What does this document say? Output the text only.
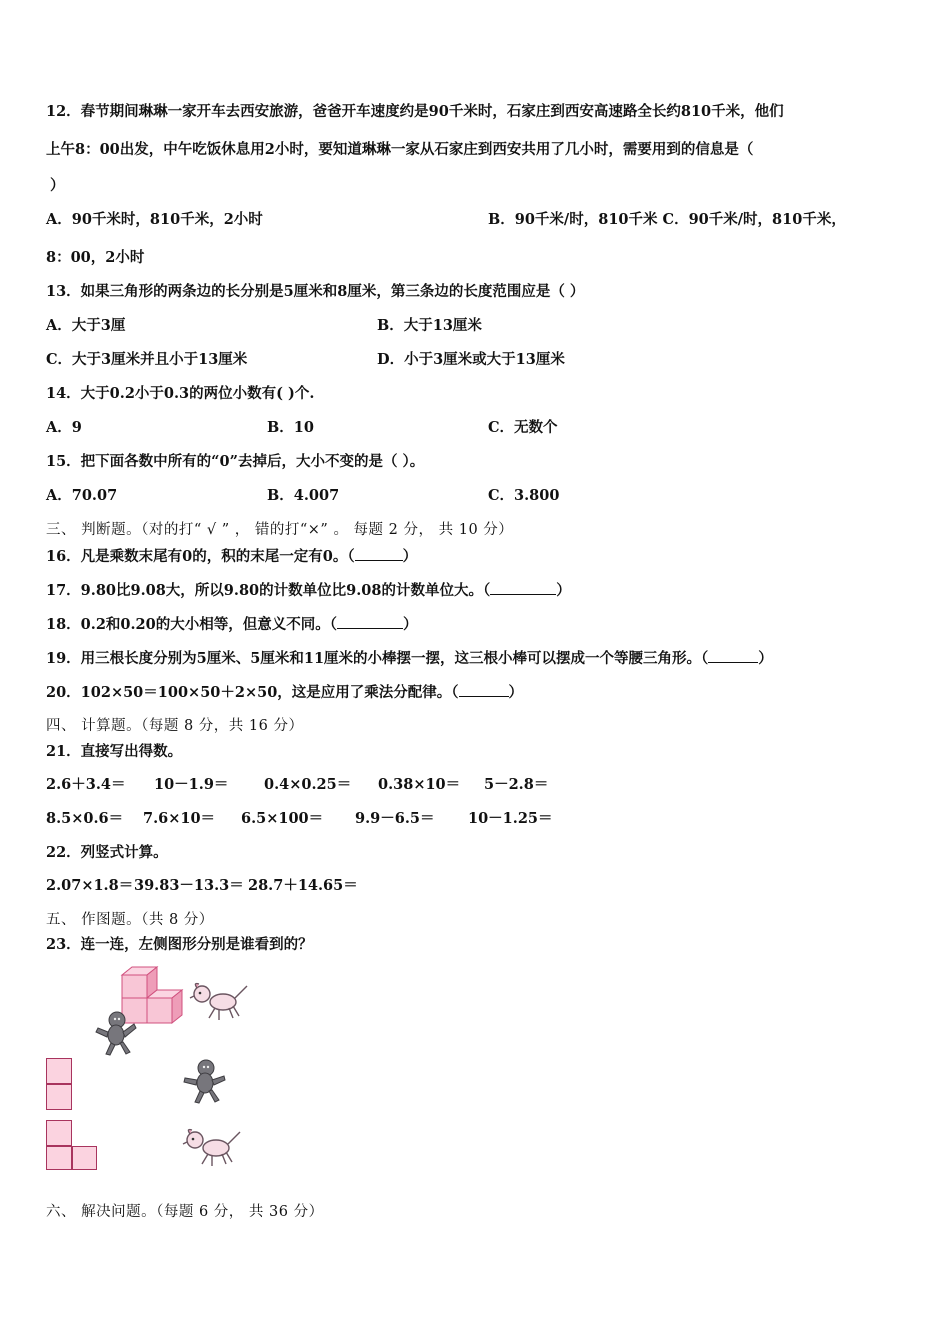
12．春节期间琳琳一家开车去西安旅游，爸爸开车速度约是90千米时，石家庄到西安高速路全长约810千米，他们
上午8：00出发，中午吃饭休息用2小时，要知道琳琳一家从石家庄到西安共用了几小时，需要用到的信息是（
）
A．90千米时，810千米，2小时	B．90千米/时，810千米 C．90千米/时，810千米，
8：00，2小时
13．如果三角形的两条边的长分别是5厘米和8厘米，第三条边的长度范围应是（ ）
A．大于3厘	B．大于13厘米
C．大于3厘米并且小于13厘米	D．小于3厘米或大于13厘米
14．大于0.2小于0.3的两位小数有( )个.
A．9	B．10	C．无数个
15．把下面各数中所有的“0”去掉后，大小不变的是（ ）。
A．70.07	B．4.007	C．3.800
三、 判断题。（对的打“ √ ” ， 错的打“×” 。 每题 2 分， 共 10 分）
16．凡是乘数末尾有0的，积的末尾一定有0。（	）
17．9.80比9.08大，所以9.80的计数单位比9.08的计数单位大。（	）
18．0.2和0.20的大小相等，但意义不同。（	）
19．用三根长度分别为5厘米、5厘米和11厘米的小棒摆一摆，这三根小棒可以摆成一个等腰三角形。（	）
20．102×50＝100×50＋2×50，这是应用了乘法分配律。（	）
四、 计算题。（每题 8 分，共 16 分）
21．直接写出得数。
2.6＋3.4＝ 10－1.9＝ 0.4×0.25＝ 0.38×10＝ 5－2.8＝
8.5×0.6＝ 7.6×10＝ 6.5×100＝ 9.9－6.5＝ 10－1.25＝
22．列竖式计算。
2.07×1.8＝ 39.83－13.3＝ 28.7＋14.65＝
五、 作图题。（共 8 分）
23．连一连，左侧图形分别是谁看到的？
六、 解决问题。（每题 6 分， 共 36 分）
